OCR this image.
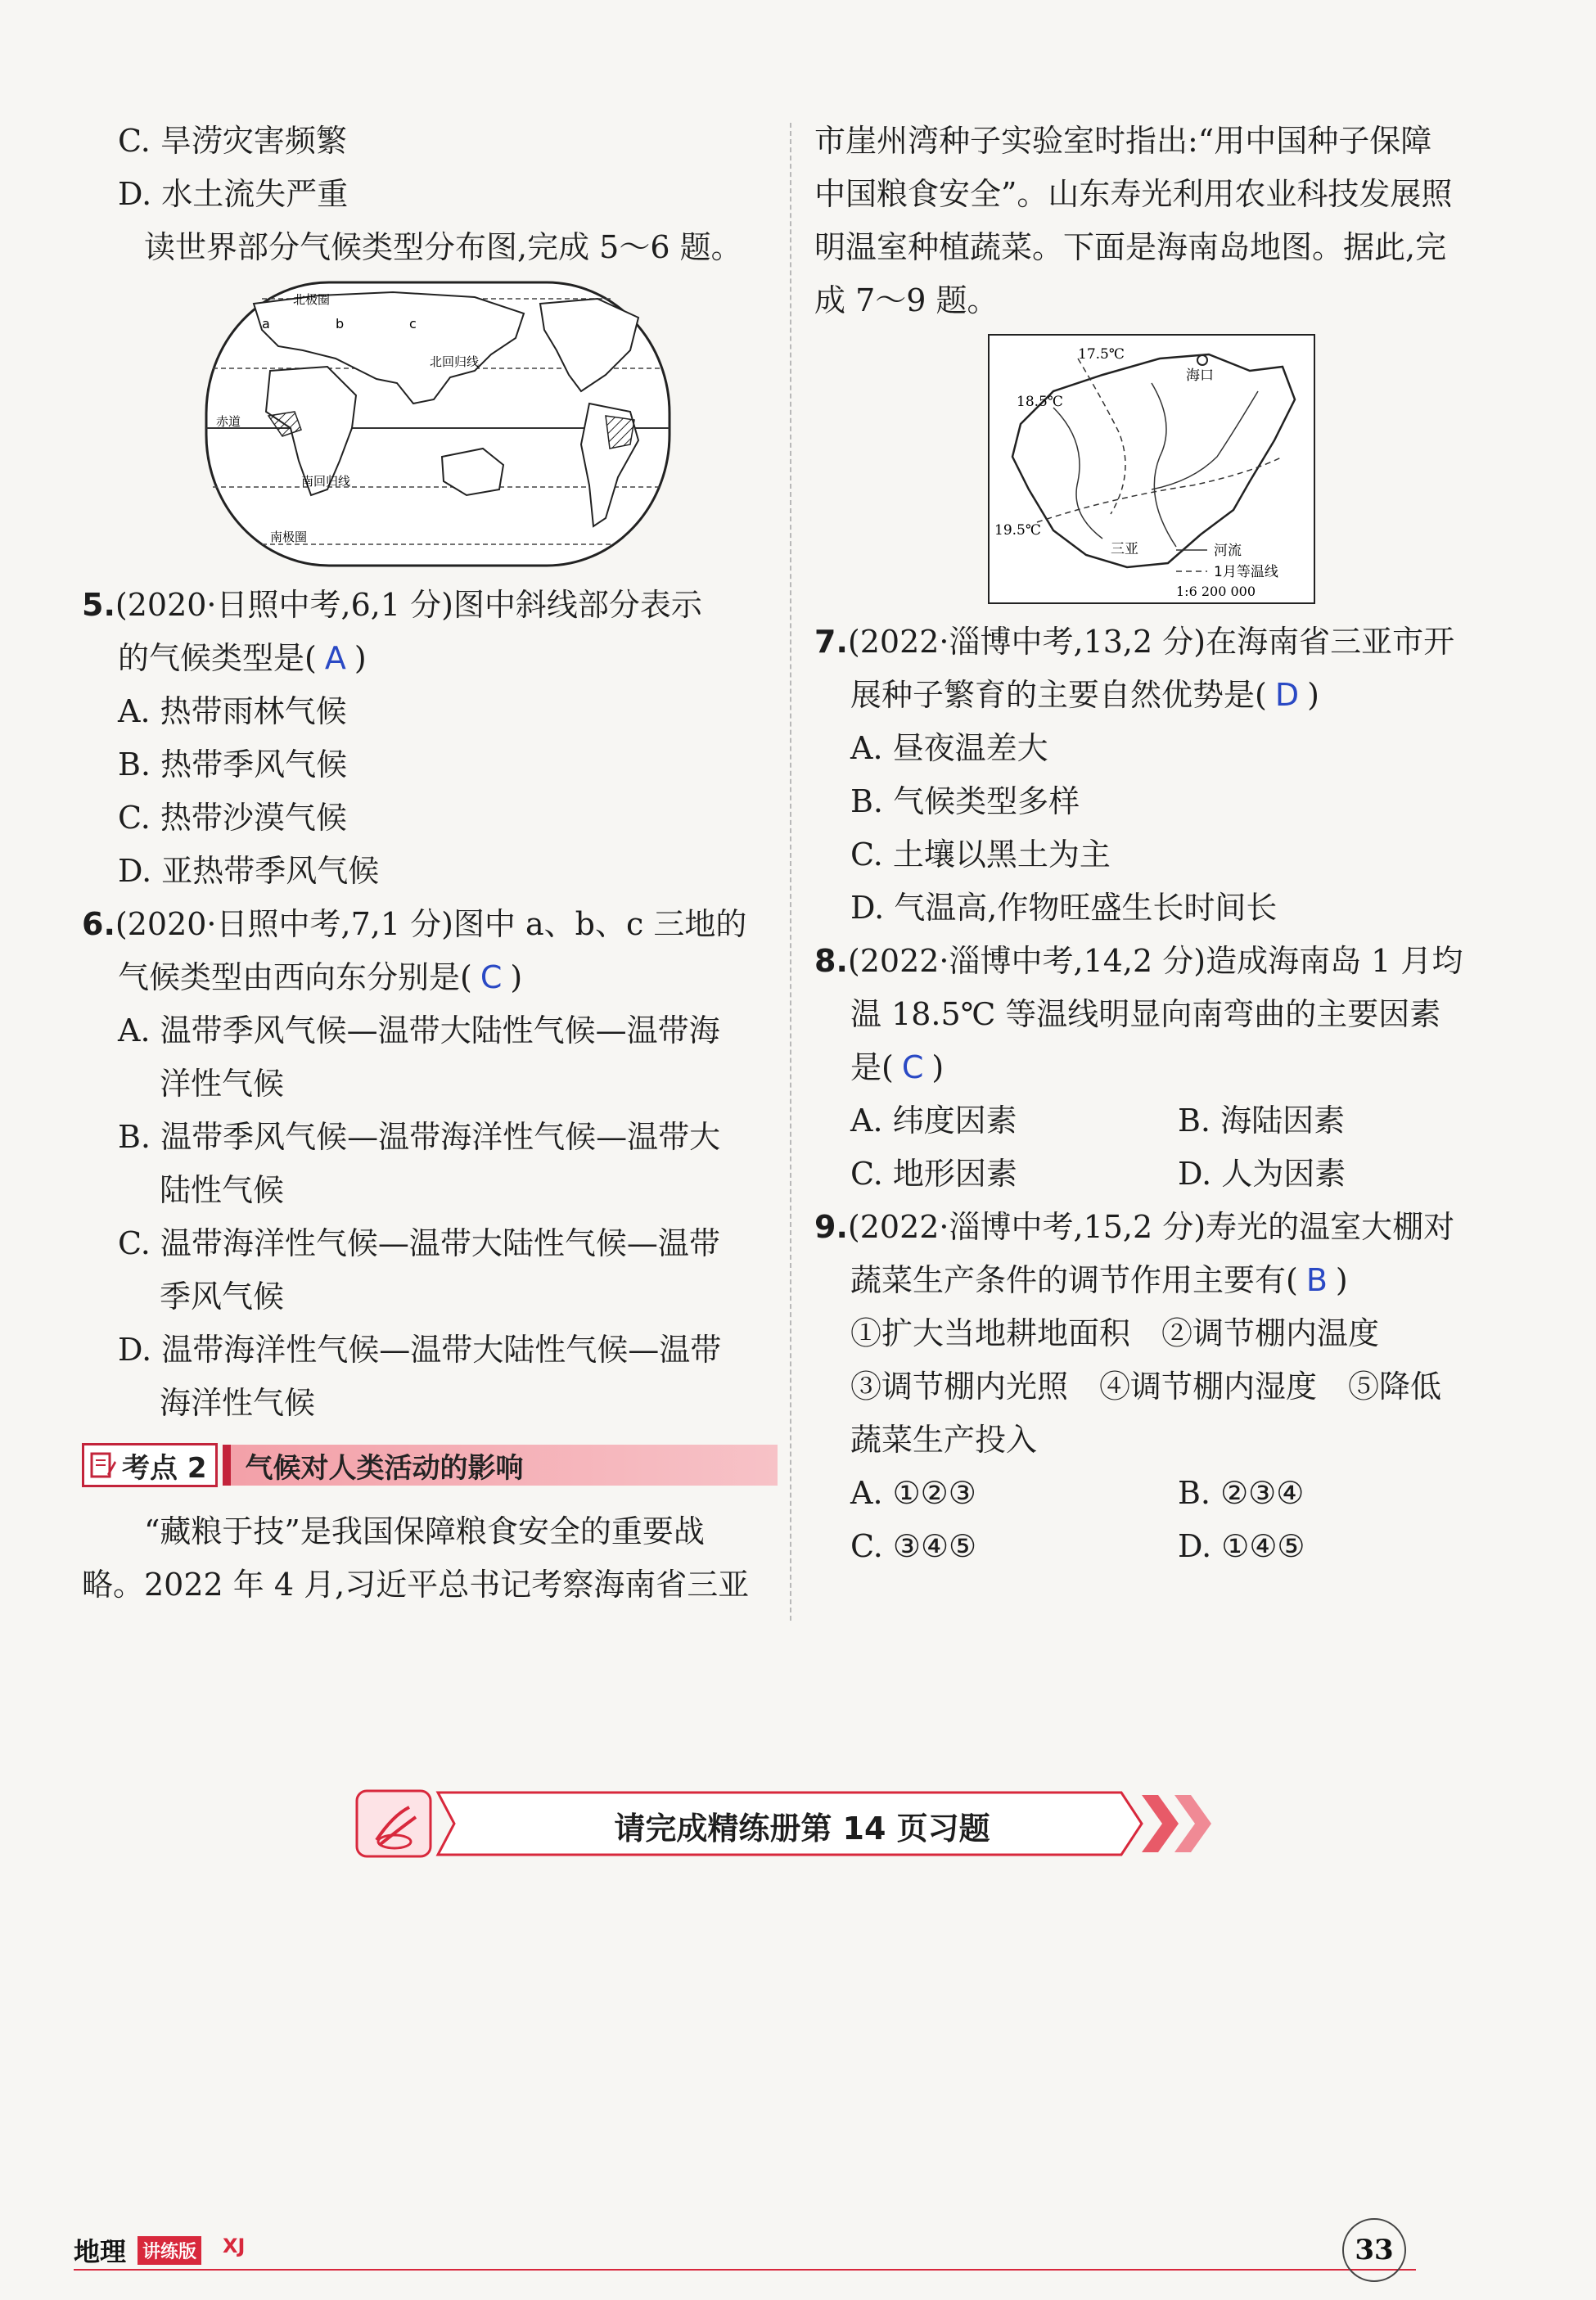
C. 旱涝灾害频繁
D. 水土流失严重
读世界部分气候类型分布图,完成 5～6 题。
北极圈
北回归线
赤道
南回归线
南极圈
a	b	c
5.(2020·日照中考,6,1 分)图中斜线部分表示
的气候类型是( A )
A. 热带雨林气候
B. 热带季风气候
C. 热带沙漠气候
D. 亚热带季风气候
6.(2020·日照中考,7,1 分)图中 a、b、c 三地的
气候类型由西向东分别是( C )
A. 温带季风气候—温带大陆性气候—温带海
洋性气候
B. 温带季风气候—温带海洋性气候—温带大
陆性气候
C. 温带海洋性气候—温带大陆性气候—温带
季风气候
D. 温带海洋性气候—温带大陆性气候—温带
海洋性气候
考点 2	气候对人类活动的影响
“藏粮于技”是我国保障粮食安全的重要战
略。2022 年 4 月,习近平总书记考察海南省三亚
市崖州湾种子实验室时指出:“用中国种子保障
中国粮食安全”。山东寿光利用农业科技发展照
明温室种植蔬菜。下面是海南岛地图。据此,完
成 7～9 题。
17.5℃
18.5℃
19.5℃
海口
三亚	河流
1月等温线
1:6 200 000
7.(2022·淄博中考,13,2 分)在海南省三亚市开
展种子繁育的主要自然优势是( D )
A. 昼夜温差大
B. 气候类型多样
C. 土壤以黑土为主
D. 气温高,作物旺盛生长时间长
8.(2022·淄博中考,14,2 分)造成海南岛 1 月均
温 18.5℃ 等温线明显向南弯曲的主要因素
是( C )
A. 纬度因素	B. 海陆因素
C. 地形因素	D. 人为因素
9.(2022·淄博中考,15,2 分)寿光的温室大棚对
蔬菜生产条件的调节作用主要有( B )
①扩大当地耕地面积　②调节棚内温度
③调节棚内光照　④调节棚内湿度　⑤降低
蔬菜生产投入
A. ①②③	B. ②③④
C. ③④⑤	D. ①④⑤
请完成精练册第 14 页习题
地理 讲练版 XJ	33
